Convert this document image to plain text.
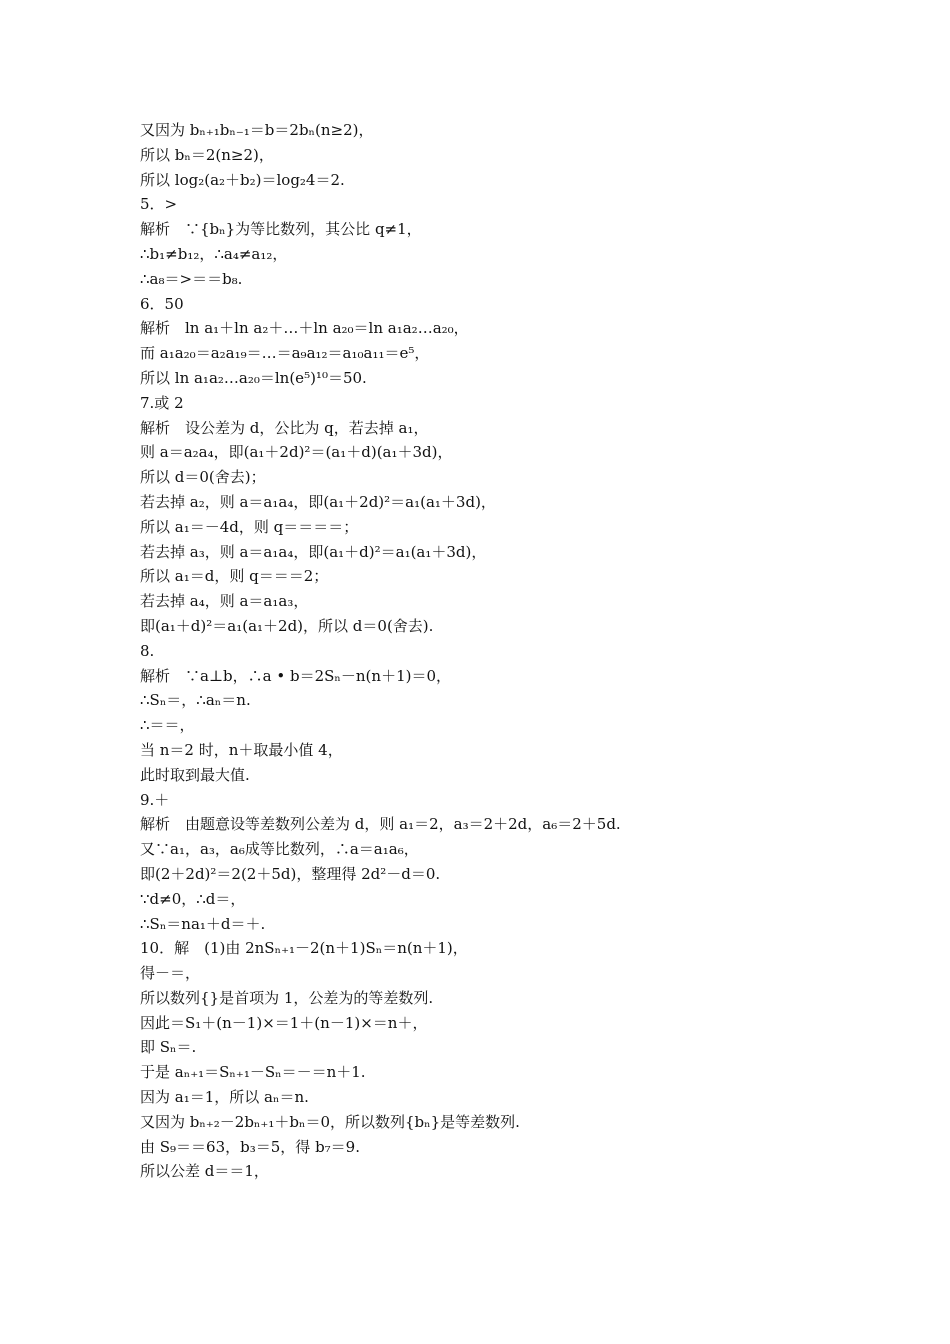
又因为 bₙ₊₁bₙ₋₁＝b＝2bₙ(n≥2)，
所以 bₙ＝2(n≥2)，
所以 log₂(a₂＋b₂)＝log₂4＝2.
5．>
解析　∵{bₙ}为等比数列，其公比 q≠1，
∴b₁≠b₁₂，∴a₄≠a₁₂，
∴a₈＝>＝＝b₈.
6．50
解析　ln a₁＋ln a₂＋…＋ln a₂₀＝ln a₁a₂…a₂₀，
而 a₁a₂₀＝a₂a₁₉＝…＝a₉a₁₂＝a₁₀a₁₁＝e⁵，
所以 ln a₁a₂…a₂₀＝ln(e⁵)¹⁰＝50.
7.或 2
解析　设公差为 d，公比为 q，若去掉 a₁，
则 a＝a₂a₄，即(a₁＋2d)²＝(a₁＋d)(a₁＋3d)，
所以 d＝0(舍去)；
若去掉 a₂，则 a＝a₁a₄，即(a₁＋2d)²＝a₁(a₁＋3d)，
所以 a₁＝－4d，则 q＝＝＝＝；
若去掉 a₃，则 a＝a₁a₄，即(a₁＋d)²＝a₁(a₁＋3d)，
所以 a₁＝d，则 q＝＝＝2；
若去掉 a₄，则 a＝a₁a₃，
即(a₁＋d)²＝a₁(a₁＋2d)，所以 d＝0(舍去).
8.
解析　∵a⊥b，∴a • b＝2Sₙ－n(n＋1)＝0，
∴Sₙ＝，∴aₙ＝n.
∴＝＝，
当 n＝2 时，n＋取最小值 4，
此时取到最大值.
9.＋
解析　由题意设等差数列公差为 d，则 a₁＝2，a₃＝2＋2d，a₆＝2＋5d.
又∵a₁，a₃，a₆成等比数列，∴a＝a₁a₆，
即(2＋2d)²＝2(2＋5d)，整理得 2d²－d＝0.
∵d≠0，∴d＝，
∴Sₙ＝na₁＋d＝＋.
10．解　(1)由 2nSₙ₊₁－2(n＋1)Sₙ＝n(n＋1)，
得－＝，
所以数列{}是首项为 1，公差为的等差数列.
因此＝S₁＋(n－1)×＝1＋(n－1)×＝n＋，
即 Sₙ＝.
于是 aₙ₊₁＝Sₙ₊₁－Sₙ＝－＝n＋1.
因为 a₁＝1，所以 aₙ＝n.
又因为 bₙ₊₂－2bₙ₊₁＋bₙ＝0，所以数列{bₙ}是等差数列.
由 S₉＝＝63，b₃＝5，得 b₇＝9.
所以公差 d＝＝1，
